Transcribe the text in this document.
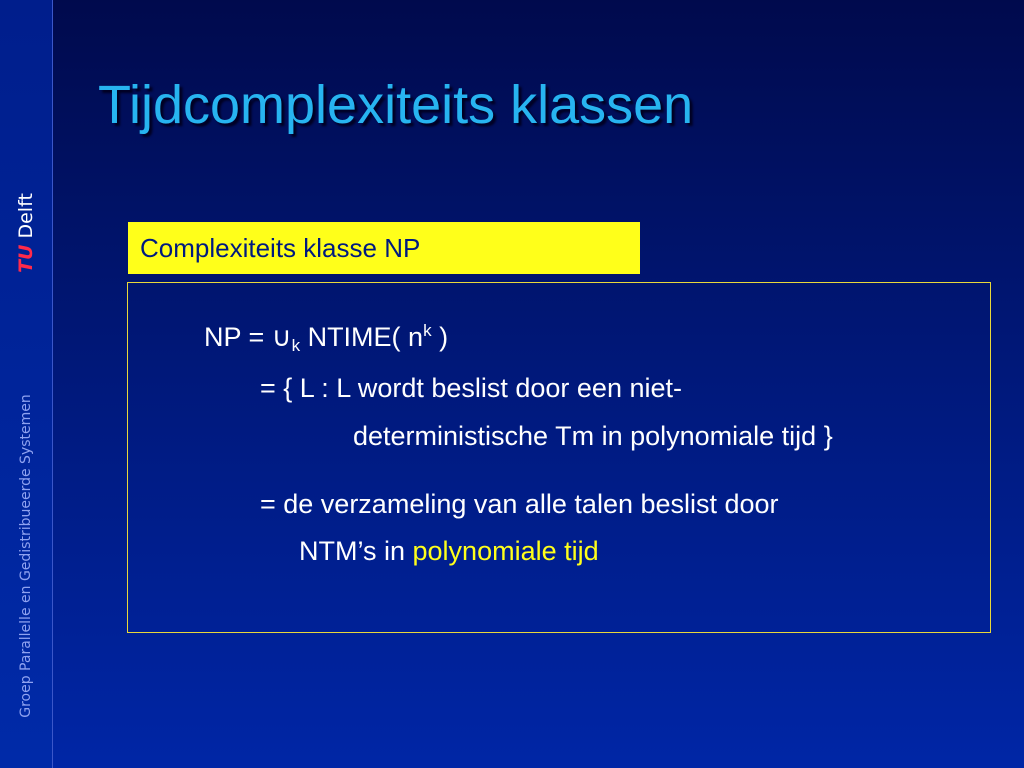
TUDelft
Groep Parallelle en Gedistribueerde Systemen
Tijdcomplexiteits klassen
Complexiteits klasse NP
NP = $\cup_k$ NTIME( $n^k$ )
= { L : L wordt beslist door een niet-
deterministische Tm in polynomiale tijd }
= de verzameling van alle talen beslist door
NTM’s in polynomiale tijd
